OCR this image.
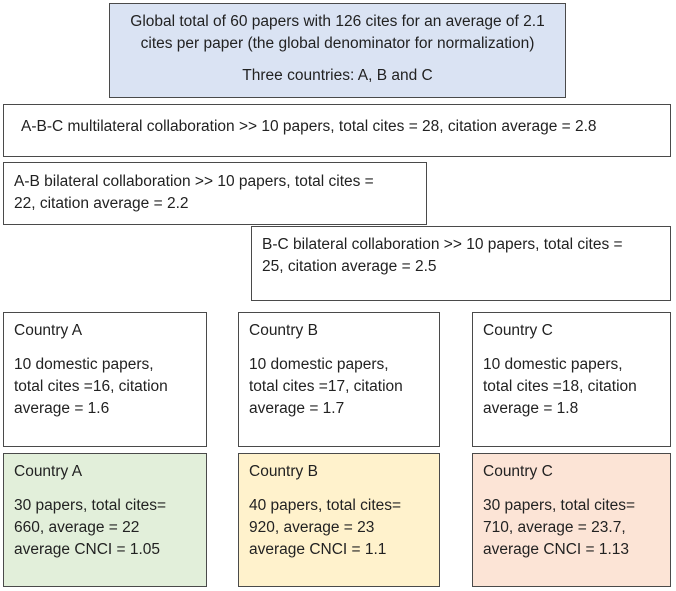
Global total of 60 papers with 126 cites for an average of 2.1

cites per paper (the global denominator for normalization)

Three countries: A, B and C

A-B-C multilateral collaboration >> 10 papers, total cites = 28, citation average = 2.8

A-B bilateral collaboration >> 10 papers, total cites =

22, citation average = 2.2

B-C bilateral collaboration >> 10 papers, total cites =

25, citation average = 2.5

Country A

10 domestic papers,

total cites =16, citation

average = 1.6

Country B

10 domestic papers,

total cites =17, citation

average = 1.7

Country C

10 domestic papers,

total cites =18, citation

average = 1.8

Country A

30 papers, total cites=

660, average = 22

average CNCI = 1.05

Country B

40 papers, total cites=

920, average = 23

average CNCI = 1.1

Country C

30 papers, total cites=

710, average = 23.7,

average CNCI = 1.13
